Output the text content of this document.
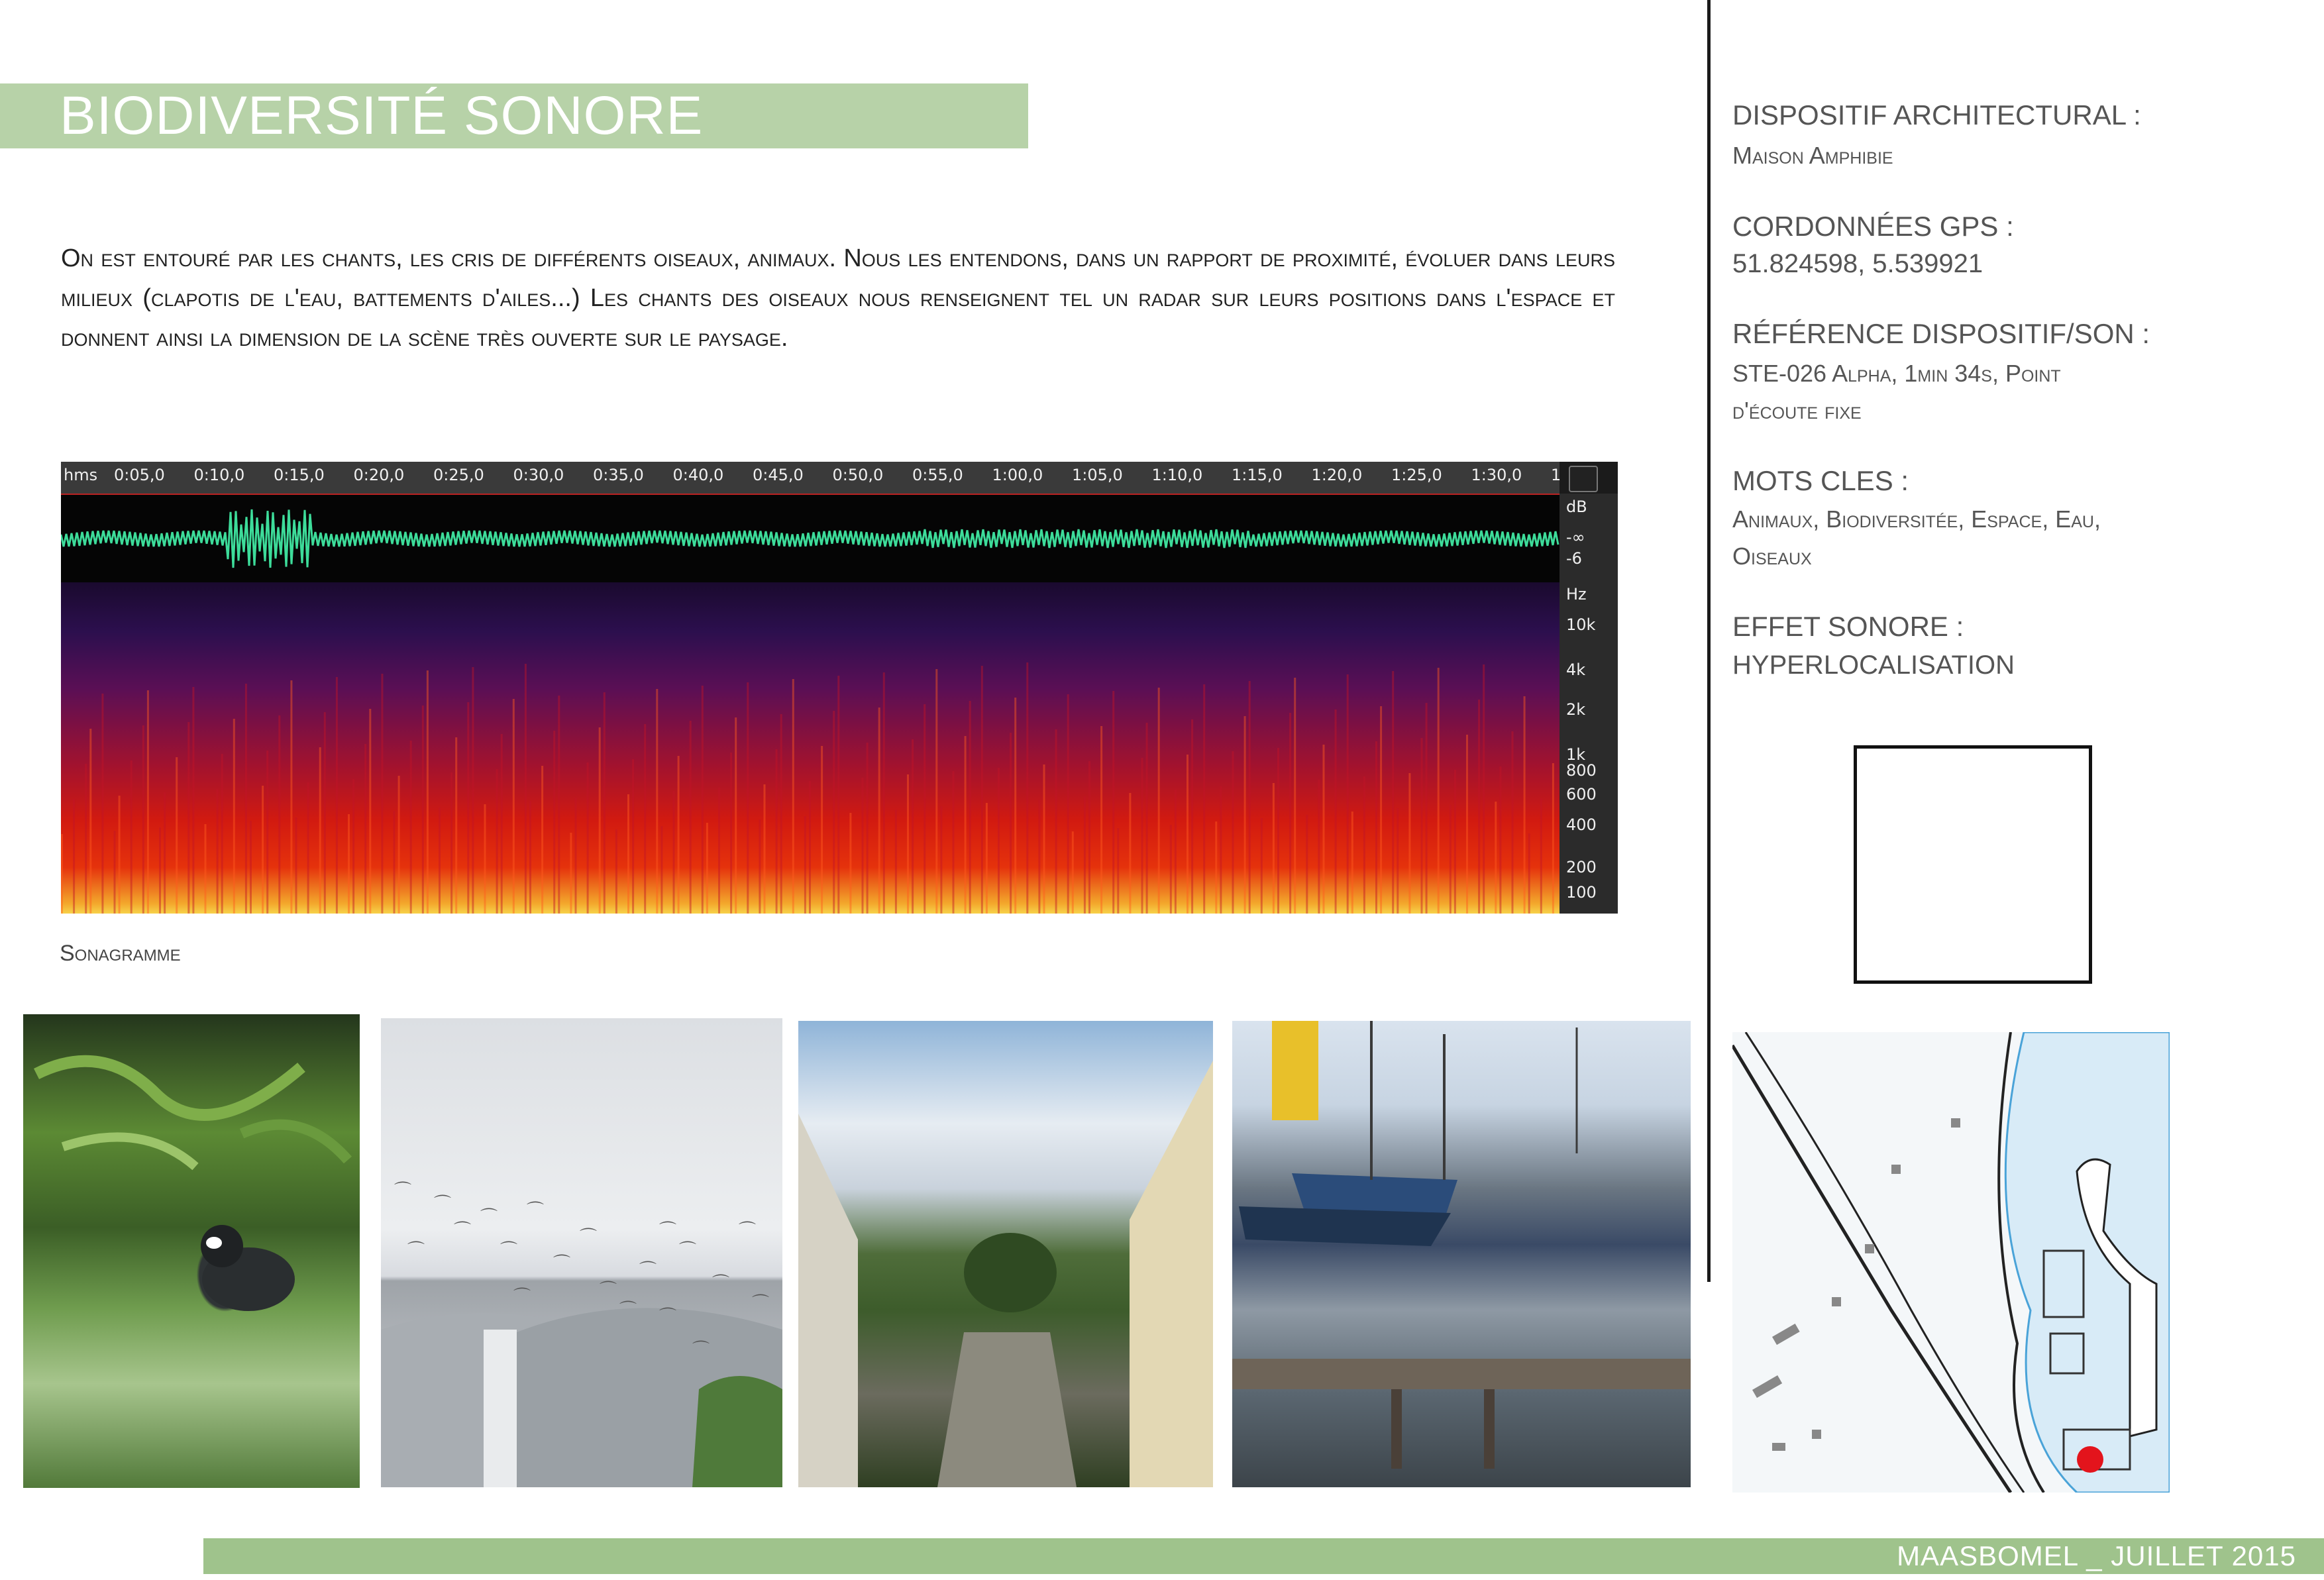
BIODIVERSITÉ SONORE
On est entouré par les chants, les cris de différents oiseaux, animaux. Nous les entendons, dans un rapport de proximité, évoluer dans leurs milieux (clapotis de l'eau, battements d'ailes...) Les chants des oiseaux nous renseignent tel un radar sur leurs positions dans l'espace et donnent ainsi la dimension de la scène très ouverte sur le paysage.
hms 0:05,0 0:10,0 0:15,0 0:20,0 0:25,0 0:30,0 0:35,0 0:40,0 0:45,0 0:50,0 0:55,0 1:00,0 1:05,0 1:10,0 1:15,0 1:20,0 1:25,0 1:30,0 1
dB
-∞
-6
Hz
10k
4k
2k
1k
800
600
400
200
100
Sonagramme
DISPOSITIF ARCHITECTURAL :
Maison Amphibie
CORDONNÉES GPS :
51.824598, 5.539921
RÉFÉRENCE DISPOSITIF/SON :
STE-026 Alpha, 1min 34s, Point d'écoute fixe
MOTS CLES :
Animaux, Biodiversitée, Espace, Eau, Oiseaux
EFFET SONORE :
HYPERLOCALISATION
⌒
⌒
⌒
⌒
⌒
⌒
⌒
⌒
⌒
⌒
⌒
⌒
⌒
⌒
⌒
⌒
⌒
⌒
⌒
⌒
MAASBOMEL _ JUILLET 2015
